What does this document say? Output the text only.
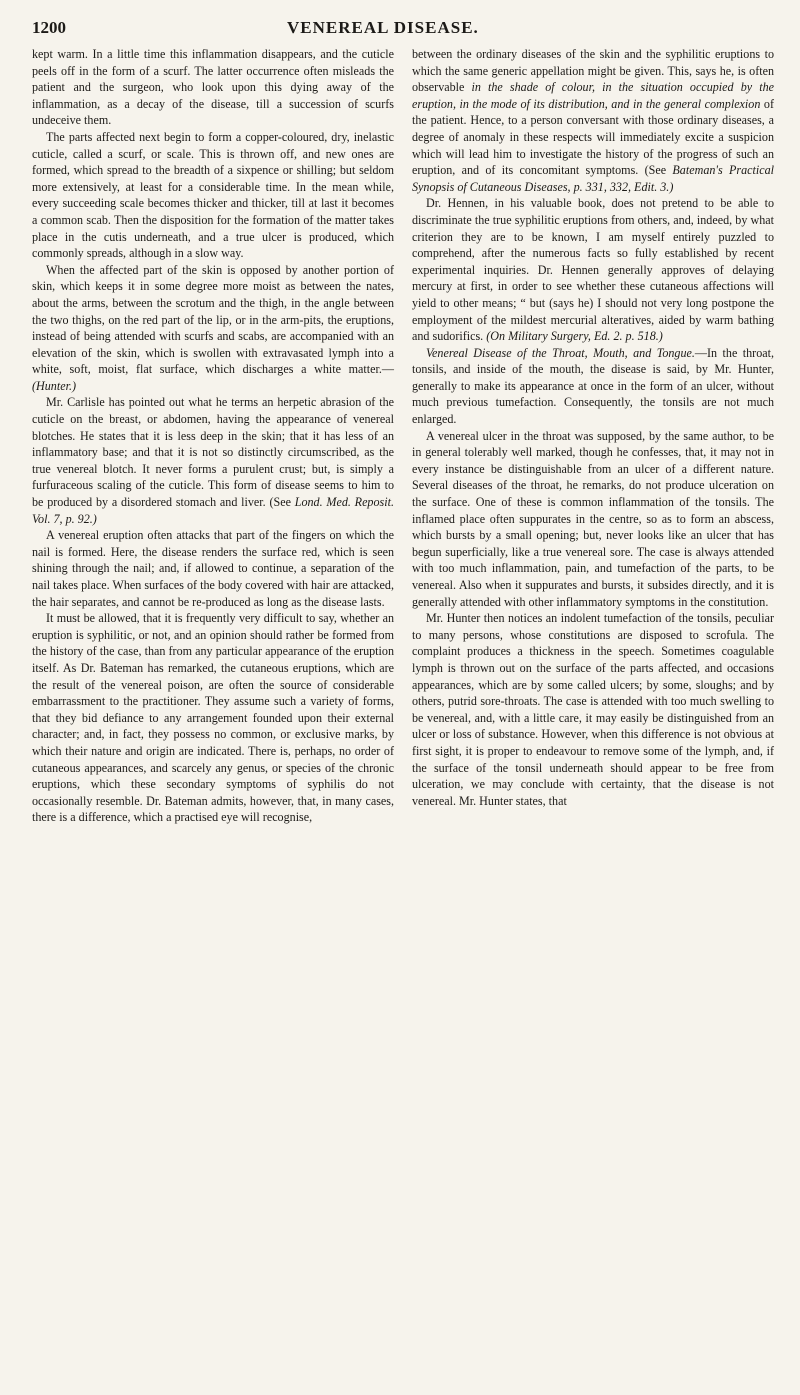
1200	VENEREAL DISEASE.

kept warm. In a little time this inflammation disappears, and the cuticle peels off in the form of a scurf. The latter occurrence often misleads the patient and the surgeon, who look upon this dying away of the inflammation, as a decay of the disease, till a succession of scurfs undeceive them.

The parts affected next begin to form a copper-coloured, dry, inelastic cuticle, called a scurf, or scale. This is thrown off, and new ones are formed, which spread to the breadth of a sixpence or shilling; but seldom more extensively, at least for a considerable time. In the mean while, every succeeding scale becomes thicker and thicker, till at last it becomes a common scab. Then the disposition for the formation of the matter takes place in the cutis underneath, and a true ulcer is produced, which commonly spreads, although in a slow way.

When the affected part of the skin is opposed by another portion of skin, which keeps it in some degree more moist as between the nates, about the arms, between the scrotum and the thigh, in the angle between the two thighs, on the red part of the lip, or in the arm-pits, the eruptions, instead of being attended with scurfs and scabs, are accompanied with an elevation of the skin, which is swollen with extravasated lymph into a white, soft, moist, flat surface, which discharges a white matter.— (Hunter.)

Mr. Carlisle has pointed out what he terms an herpetic abrasion of the cuticle on the breast, or abdomen, having the appearance of venereal blotches. He states that it is less deep in the skin; that it has less of an inflammatory base; and that it is not so distinctly circumscribed, as the true venereal blotch. It never forms a purulent crust; but, is simply a furfuraceous scaling of the cuticle. This form of disease seems to him to be produced by a disordered stomach and liver. (See Lond. Med. Reposit. Vol. 7, p. 92.)

A venereal eruption often attacks that part of the fingers on which the nail is formed. Here, the disease renders the surface red, which is seen shining through the nail; and, if allowed to continue, a separation of the nail takes place. When surfaces of the body covered with hair are attacked, the hair separates, and cannot be re-produced as long as the disease lasts.

It must be allowed, that it is frequently very difficult to say, whether an eruption is syphilitic, or not, and an opinion should rather be formed from the history of the case, than from any particular appearance of the eruption itself. As Dr. Bateman has remarked, the cutaneous eruptions, which are the result of the venereal poison, are often the source of considerable embarrassment to the practitioner. They assume such a variety of forms, that they bid defiance to any arrangement founded upon their external character; and, in fact, they possess no common, or exclusive marks, by which their nature and origin are indicated. There is, perhaps, no order of cutaneous appearances, and scarcely any genus, or species of the chronic eruptions, which these secondary symptoms of syphilis do not occasionally resemble. Dr. Bateman admits, however, that, in many cases, there is a difference, which a practised eye will recognise,

between the ordinary diseases of the skin and the syphilitic eruptions to which the same generic appellation might be given. This, says he, is often observable in the shade of colour, in the situation occupied by the eruption, in the mode of its distribution, and in the general complexion of the patient. Hence, to a person conversant with those ordinary diseases, a degree of anomaly in these respects will immediately excite a suspicion which will lead him to investigate the history of the progress of such an eruption, and of its concomitant symptoms. (See Bateman's Practical Synopsis of Cutaneous Diseases, p. 331, 332, Edit. 3.)

Dr. Hennen, in his valuable book, does not pretend to be able to discriminate the true syphilitic eruptions from others, and, indeed, by what criterion they are to be known, I am myself entirely puzzled to comprehend, after the numerous facts so fully established by recent experimental inquiries. Dr. Hennen generally approves of delaying mercury at first, in order to see whether these cutaneous affections will yield to other means; “ but (says he) I should not very long postpone the employment of the mildest mercurial alteratives, aided by warm bathing and sudorifics. (On Military Surgery, Ed. 2. p. 518.)

Venereal Disease of the Throat, Mouth, and Tongue.—In the throat, tonsils, and inside of the mouth, the disease is said, by Mr. Hunter, generally to make its appearance at once in the form of an ulcer, without much previous tumefaction. Consequently, the tonsils are not much enlarged.

A venereal ulcer in the throat was supposed, by the same author, to be in general tolerably well marked, though he confesses, that, it may not in every instance be distinguishable from an ulcer of a different nature. Several diseases of the throat, he remarks, do not produce ulceration on the surface. One of these is common inflammation of the tonsils. The inflamed place often suppurates in the centre, so as to form an abscess, which bursts by a small opening; but, never looks like an ulcer that has begun superficially, like a true venereal sore. The case is always attended with too much inflammation, pain, and tumefaction of the parts, to be venereal. Also when it suppurates and bursts, it subsides directly, and it is generally attended with other inflammatory symptoms in the constitution.

Mr. Hunter then notices an indolent tumefaction of the tonsils, peculiar to many persons, whose constitutions are disposed to scrofula. The complaint produces a thickness in the speech. Sometimes coagulable lymph is thrown out on the surface of the parts affected, and occasions appearances, which are by some called ulcers; by some, sloughs; and by others, putrid sore-throats. The case is attended with too much swelling to be venereal, and, with a little care, it may easily be distinguished from an ulcer or loss of substance. However, when this difference is not obvious at first sight, it is proper to endeavour to remove some of the lymph, and, if the surface of the tonsil underneath should appear to be free from ulceration, we may conclude with certainty, that the disease is not venereal. Mr. Hunter states, that
